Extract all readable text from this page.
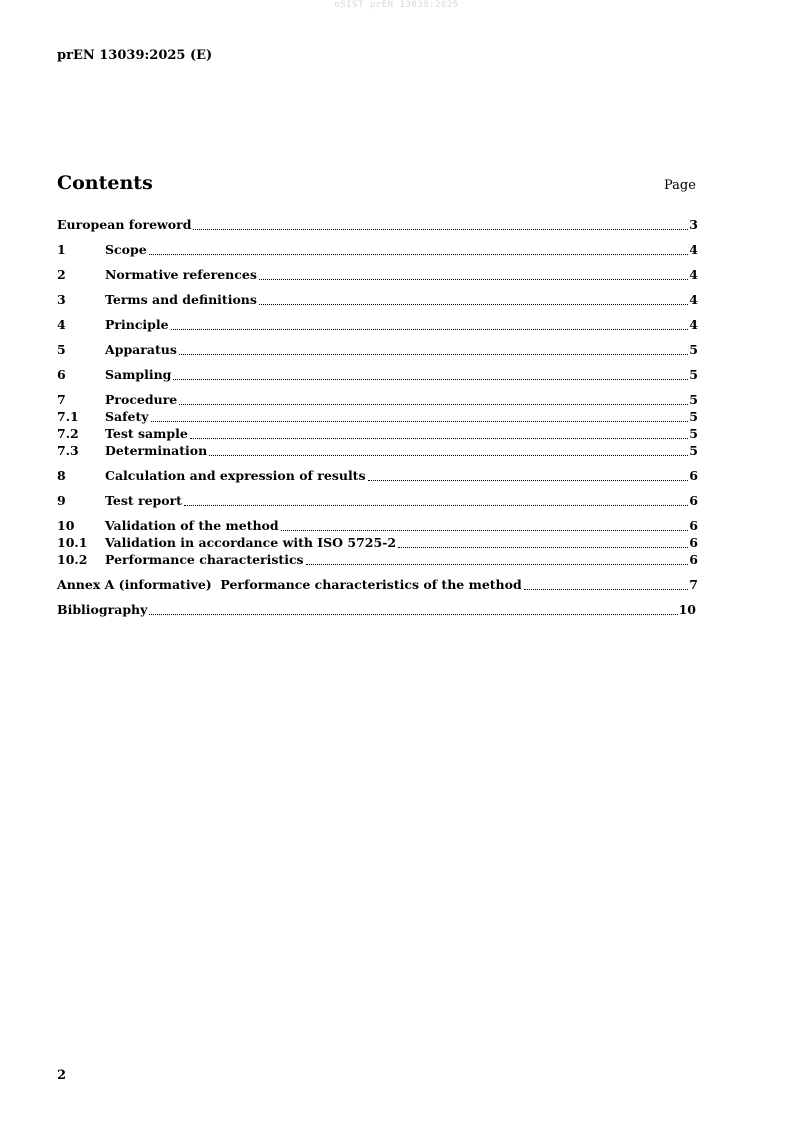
oSIST prEN 13039:2025
prEN 13039:2025 (E)
Contents	Page
European foreword	3
1	Scope	4
2	Normative references	4
3	Terms and definitions	4
4	Principle	4
5	Apparatus	5
6	Sampling	5
7	Procedure	5
7.1	Safety	5
7.2	Test sample	5
7.3	Determination	5
8	Calculation and expression of results	6
9	Test report	6
10	Validation of the method	6
10.1	Validation in accordance with ISO 5725-2	6
10.2	Performance characteristics	6
Annex A (informative)  Performance characteristics of the method	7
Bibliography	10
2
